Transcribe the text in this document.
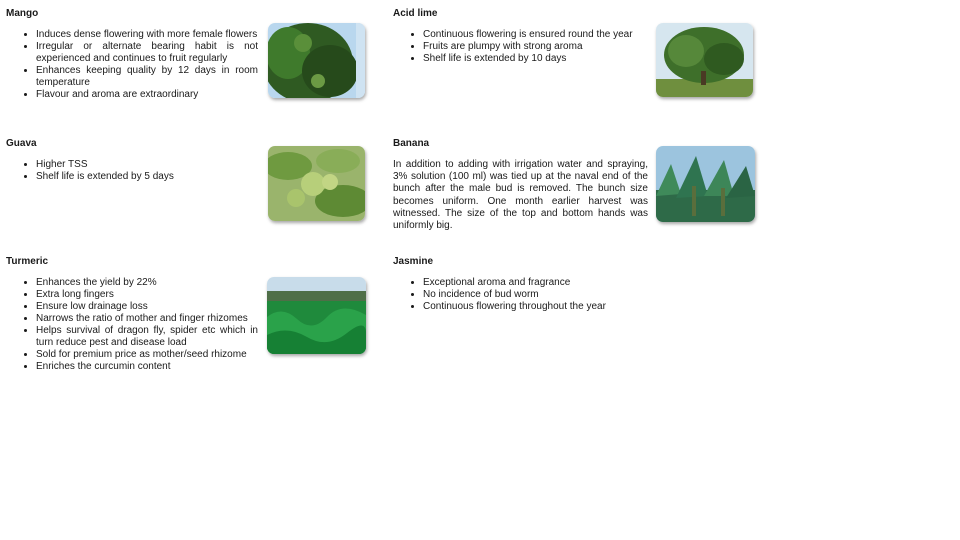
Mango

• Induces dense flowering with more female flowers
• Irregular or alternate bearing habit is not experienced and continues to fruit regularly
• Enhances keeping quality by 12 days in room temperature
• Flavour and aroma are extraordinary

Acid lime

• Continuous flowering is ensured round the year
• Fruits are plumpy with strong aroma
• Shelf life is extended by 10 days

Guava

• Higher TSS
• Shelf life is extended by 5 days

Banana

In addition to adding with irrigation water and spraying, 3% solution (100 ml) was tied up at the naval end of the bunch after the male bud is removed. The bunch size becomes uniform. One month earlier harvest was witnessed. The size of the top and bottom hands was uniformly big.

Turmeric

• Enhances the yield by 22%
• Extra long fingers
• Ensure low drainage loss
• Narrows the ratio of mother and finger rhizomes
• Helps survival of dragon fly, spider etc which in turn reduce pest and disease load
• Sold for premium price as mother/seed rhizome
• Enriches the curcumin content

Jasmine

• Exceptional aroma and fragrance
• No incidence of bud worm
• Continuous flowering throughout the year
